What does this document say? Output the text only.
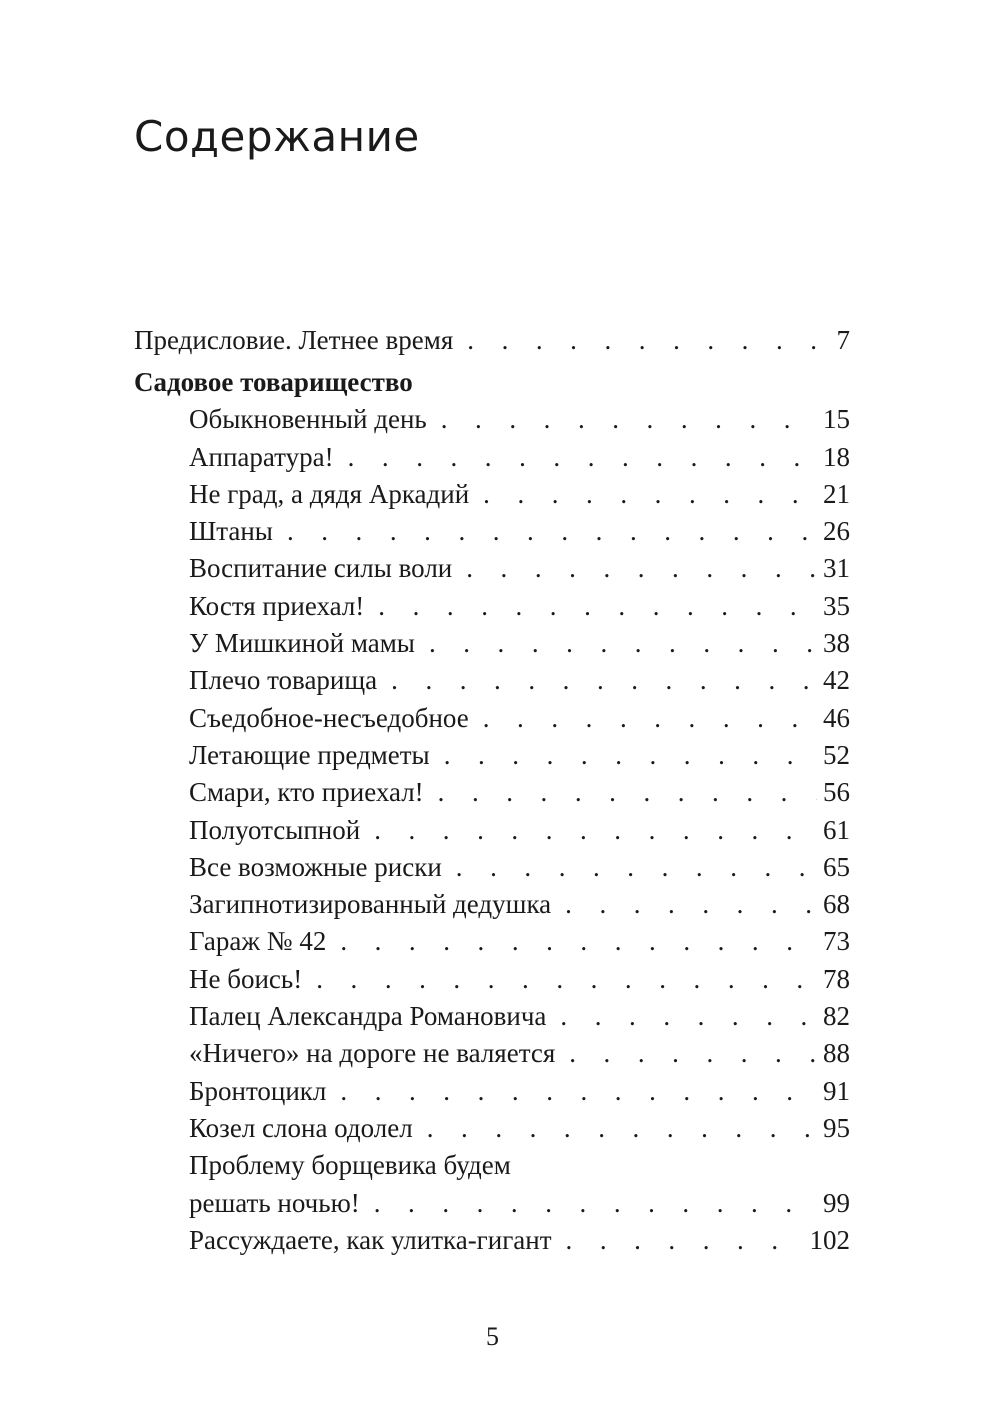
Содержание
Предисловие. Летнее время . . .	7
Садовое товарищество
Обыкновенный день . . .	15
Аппаратура! . . .	18
Не град, а дядя Аркадий . . .	21
Штаны . . .	26
Воспитание силы воли . . .	31
Костя приехал! . . .	35
У Мишкиной мамы . . .	38
Плечо товарища . . .	42
Съедобное-несъедобное . . .	46
Летающие предметы . . .	52
Смари, кто приехал! . . .	56
Полуотсыпной . . .	61
Все возможные риски . . .	65
Загипнотизированный дедушка . . .	68
Гараж № 42 . . .	73
Не боись! . . .	78
Палец Александра Романовича . . .	82
«Ничего» на дороге не валяется . . .	88
Бронтоцикл . . .	91
Козел слона одолел . . .	95
Проблему борщевика будем
решать ночью! . . .	99
Рассуждаете, как улитка-гигант . . .	102
5
